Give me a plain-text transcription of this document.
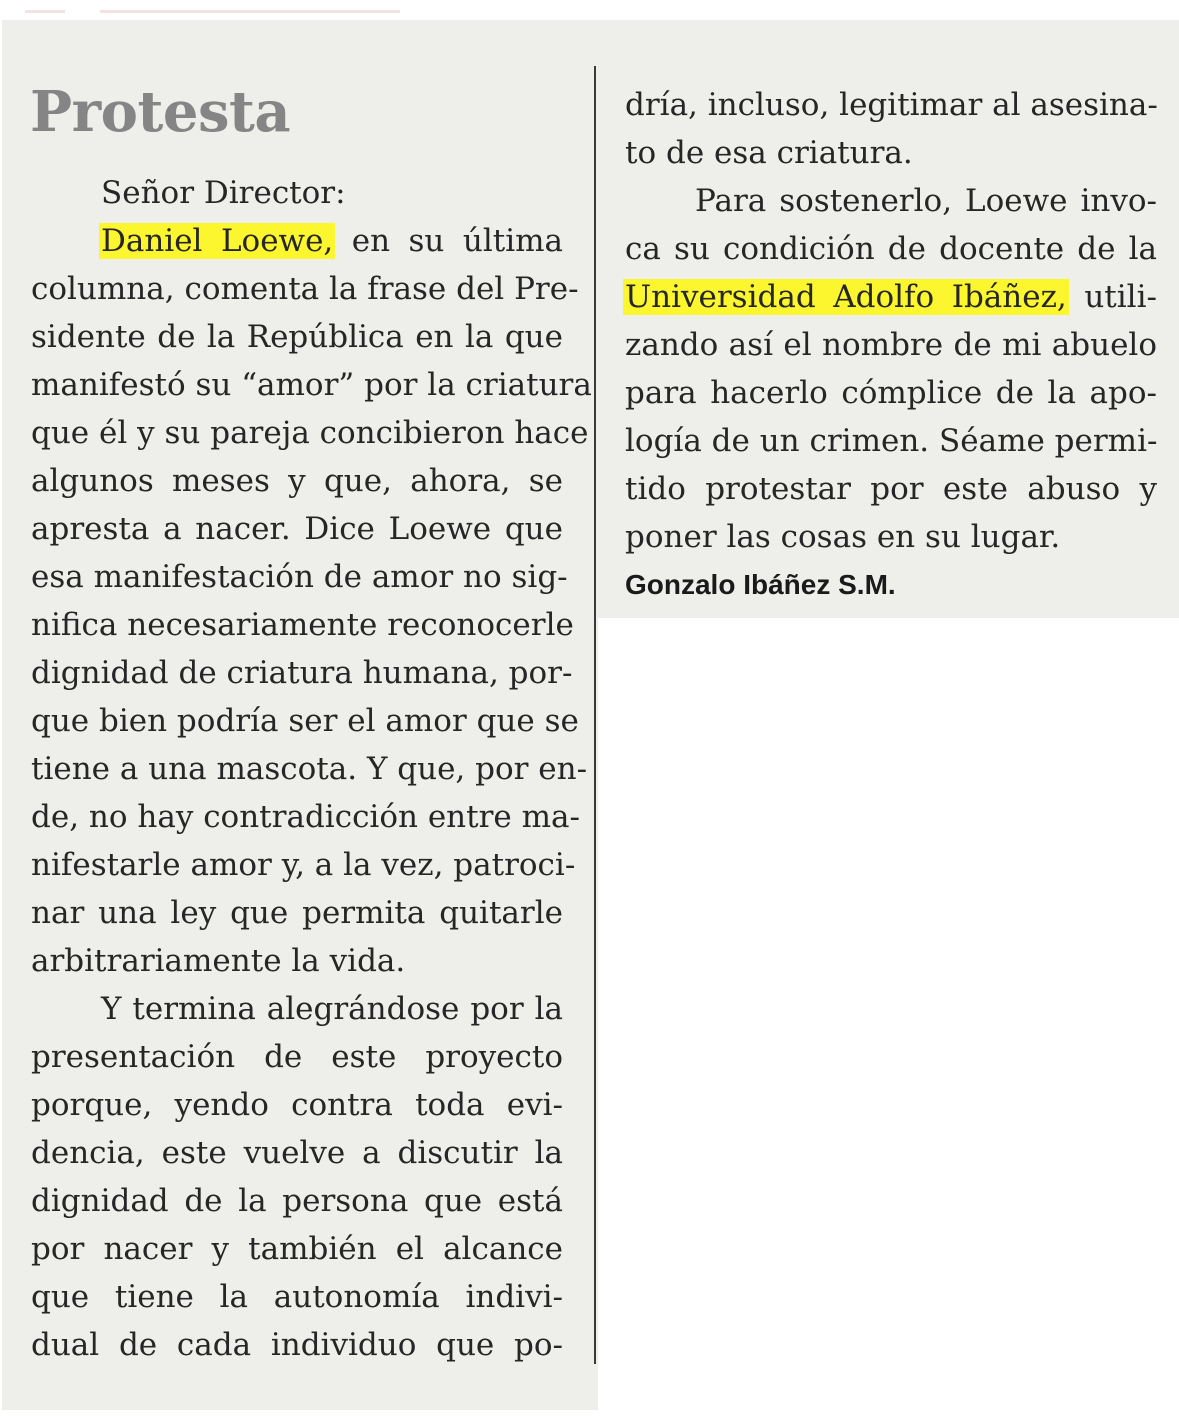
Protesta
Señor Director:
Daniel Loewe, en su última
columna, comenta la frase del Pre-
sidente de la República en la que
manifestó su “amor” por la criatura
que él y su pareja concibieron hace
algunos meses y que, ahora, se
apresta a nacer. Dice Loewe que
esa manifestación de amor no sig-
nifica necesariamente reconocerle
dignidad de criatura humana, por-
que bien podría ser el amor que se
tiene a una mascota. Y que, por en-
de, no hay contradicción entre ma-
nifestarle amor y, a la vez, patroci-
nar una ley que permita quitarle
arbitrariamente la vida.
Y termina alegrándose por la
presentación de este proyecto
porque, yendo contra toda evi-
dencia, este vuelve a discutir la
dignidad de la persona que está
por nacer y también el alcance
que tiene la autonomía indivi-
dual de cada individuo que po-
dría, incluso, legitimar al asesina-
to de esa criatura.
Para sostenerlo, Loewe invo-
ca su condición de docente de la
Universidad Adolfo Ibáñez, utili-
zando así el nombre de mi abuelo
para hacerlo cómplice de la apo-
logía de un crimen. Séame permi-
tido protestar por este abuso y
poner las cosas en su lugar.
Gonzalo Ibáñez S.M.
